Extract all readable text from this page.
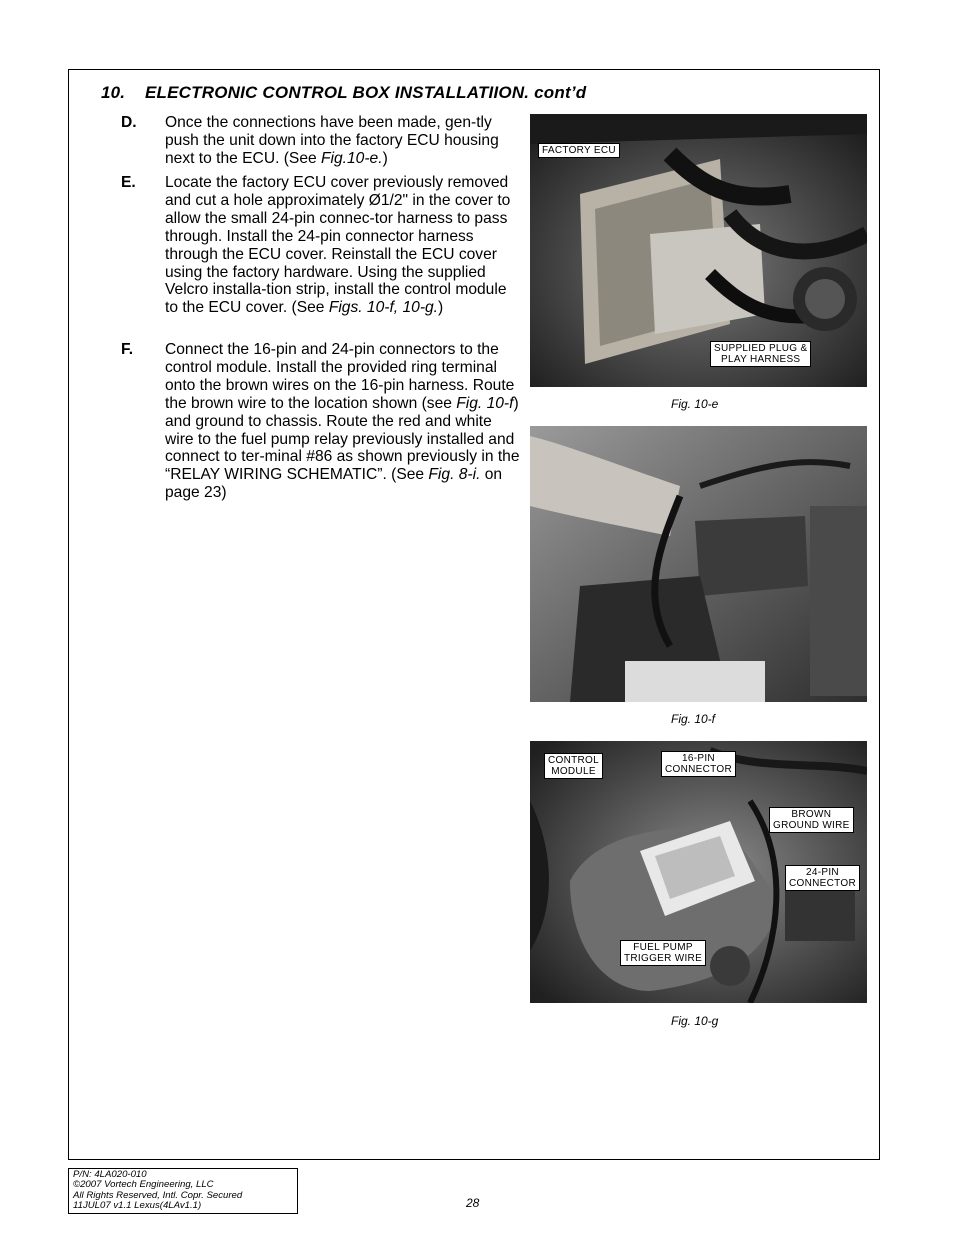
10. ELECTRONIC CONTROL BOX INSTALLATIION. cont’d
D. Once the connections have been made, gen-tly push the unit down into the factory ECU housing next to the ECU. (See Fig.10-e.)
E. Locate the factory ECU cover previously removed and cut a hole approximately Ø1/2" in the cover to allow the small 24-pin connec-tor harness to pass through. Install the 24-pin connector harness through the ECU cover. Reinstall the ECU cover using the factory hardware. Using the supplied Velcro installa-tion strip, install the control module to the ECU cover. (See Figs. 10-f, 10-g.)
F. Connect the 16-pin and 24-pin connectors to the control module. Install the provided ring terminal onto the brown wires on the 16-pin harness. Route the brown wire to the location shown (see Fig. 10-f) and ground to chassis. Route the red and white wire to the fuel pump relay previously installed and connect to ter-minal #86 as shown previously in the “RELAY WIRING SCHEMATIC”. (See Fig. 8-i. on page 23)
FACTORY ECU
SUPPLIED PLUG &
PLAY HARNESS
Fig. 10-e
Fig. 10-f
CONTROL
MODULE
16-PIN
CONNECTOR
BROWN
GROUND WIRE
24-PIN
CONNECTOR
FUEL PUMP
TRIGGER WIRE
Fig. 10-g
P/N: 4LA020-010
©2007 Vortech Engineering, LLC
All Rights Reserved, Intl. Copr. Secured
11JUL07 v1.1 Lexus(4LAv1.1)	28
